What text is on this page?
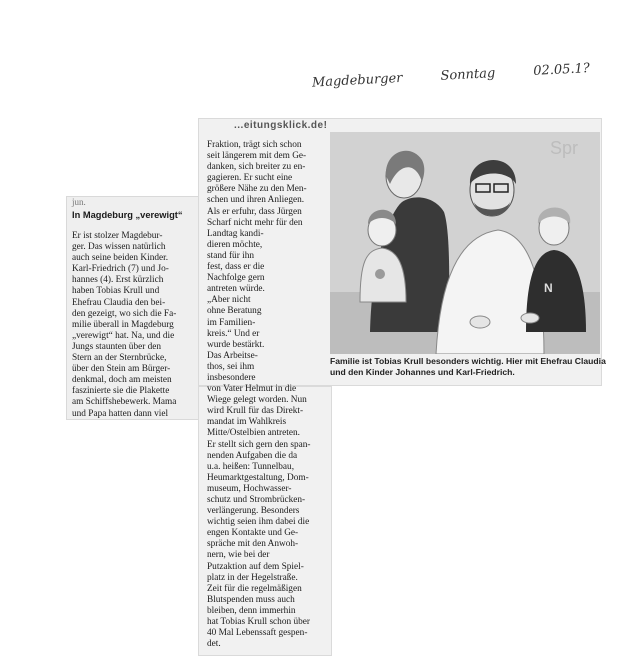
Magdeburger	Sonntag	02.05.1?
jun.
In Magdeburg „verewigt“
Er ist stolzer Magdebur-
ger. Das wissen natürlich
auch seine beiden Kinder.
Karl-Friedrich (7) und Jo-
hannes (4). Erst kürzlich
haben Tobias Krull und
Ehefrau Claudia den bei-
den gezeigt, wo sich die Fa-
milie überall in Magdeburg
„verewigt“ hat. Na, und die
Jungs staunten über den
Stern an der Sternbrücke,
über den Stein am Bürger-
denkmal, doch am meisten
faszinierte sie die Plakette
am Schiffshebewerk. Mama
und Papa hatten dann viel
...eitungsklick.de!
Fraktion, trägt sich schon
seit längerem mit dem Ge-
danken, sich breiter zu en-
gagieren. Er sucht eine
größere Nähe zu den Men-
schen und ihren Anliegen.
Als er erfuhr, dass Jürgen
Scharf nicht mehr für den
Landtag kandi-
dieren möchte,
stand für ihn
fest, dass er die
Nachfolge gern
antreten würde.
„Aber nicht
ohne Beratung
im Familien-
kreis.“ Und er
wurde bestärkt.
Das Arbeitse-
thos, sei ihm
insbesondere
von Vater Helmut in die
Wiege gelegt worden. Nun
wird Krull für das Direkt-
mandat im Wahlkreis
Mitte/Ostelbien antreten.
Er stellt sich gern den span-
nenden Aufgaben die da
u.a. heißen: Tunnelbau,
Heumarktgestaltung, Dom-
museum, Hochwasser-
schutz und Strombrücken-
verlängerung. Besonders
wichtig seien ihm dabei die
engen Kontakte und Ge-
spräche mit den Anwoh-
nern, wie bei der
Putzaktion auf dem Spiel-
platz in der Hegelstraße.
Zeit für die regelmäßigen
Blutspenden muss auch
bleiben, denn immerhin
hat Tobias Krull schon über
40 Mal Lebenssaft gespen-
det.
Spr
N
Familie ist Tobias Krull besonders wichtig. Hier mit Ehefrau Claudia
und den Kinder Johannes und Karl-Friedrich.
